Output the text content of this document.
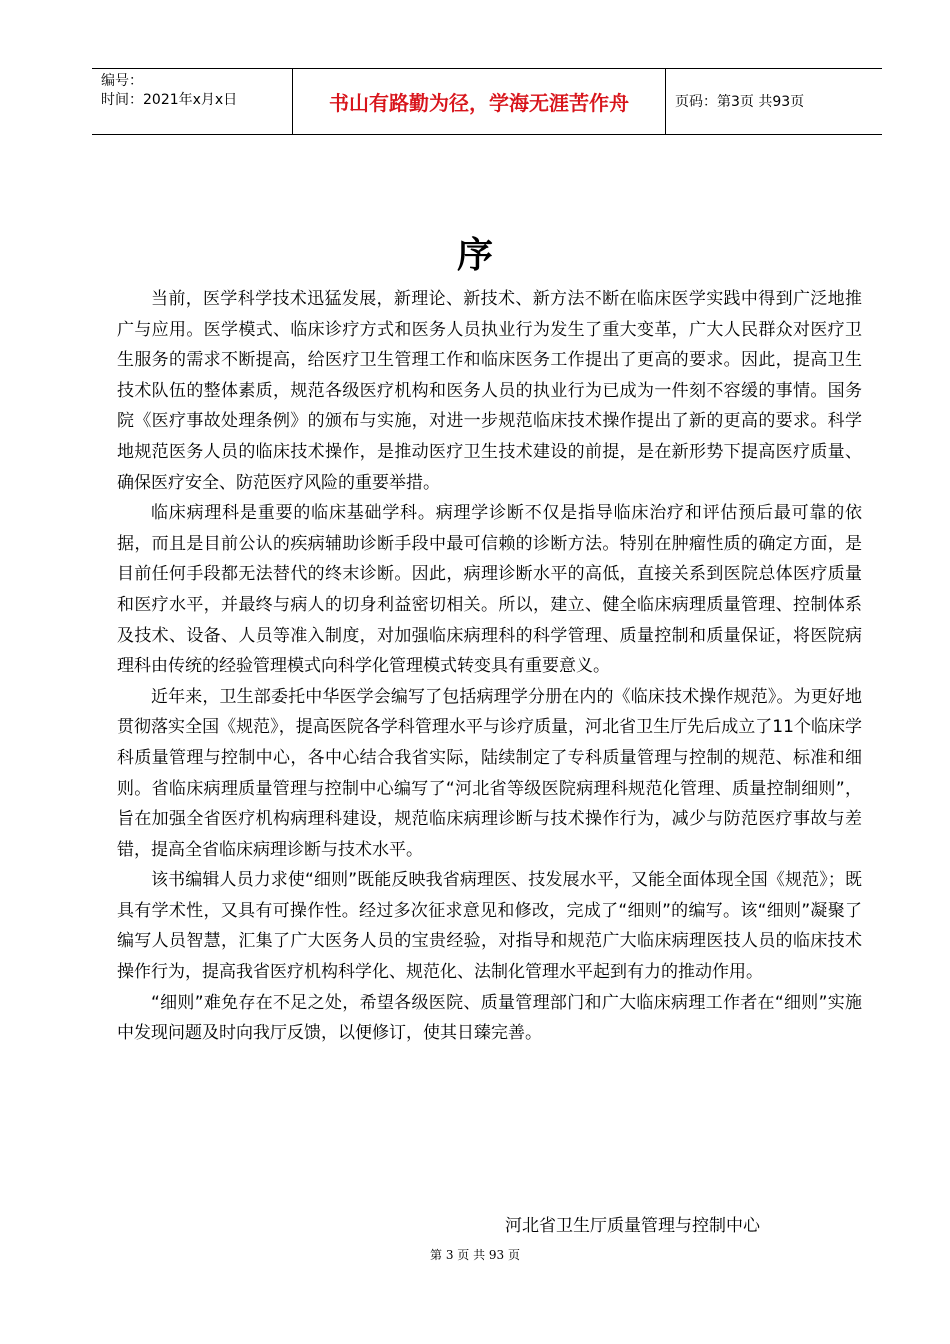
编号：
时间：2021年x月x日	书山有路勤为径，学海无涯苦作舟	页码：第3页 共93页
序

当前，医学科学技术迅猛发展，新理论、新技术、新方法不断在临床医学实践中得到广泛地推广与应用。医学模式、临床诊疗方式和医务人员执业行为发生了重大变革，广大人民群众对医疗卫生服务的需求不断提高，给医疗卫生管理工作和临床医务工作提出了更高的要求。因此，提高卫生技术队伍的整体素质，规范各级医疗机构和医务人员的执业行为已成为一件刻不容缓的事情。国务院《医疗事故处理条例》的颁布与实施，对进一步规范临床技术操作提出了新的更高的要求。科学地规范医务人员的临床技术操作，是推动医疗卫生技术建设的前提，是在新形势下提高医疗质量、确保医疗安全、防范医疗风险的重要举措。

临床病理科是重要的临床基础学科。病理学诊断不仅是指导临床治疗和评估预后最可靠的依据，而且是目前公认的疾病辅助诊断手段中最可信赖的诊断方法。特别在肿瘤性质的确定方面，是目前任何手段都无法替代的终末诊断。因此，病理诊断水平的高低，直接关系到医院总体医疗质量和医疗水平，并最终与病人的切身利益密切相关。所以，建立、健全临床病理质量管理、控制体系及技术、设备、人员等准入制度，对加强临床病理科的科学管理、质量控制和质量保证，将医院病理科由传统的经验管理模式向科学化管理模式转变具有重要意义。

近年来，卫生部委托中华医学会编写了包括病理学分册在内的《临床技术操作规范》。为更好地贯彻落实全国《规范》，提高医院各学科管理水平与诊疗质量，河北省卫生厅先后成立了11个临床学科质量管理与控制中心，各中心结合我省实际，陆续制定了专科质量管理与控制的规范、标准和细则。省临床病理质量管理与控制中心编写了“河北省等级医院病理科规范化管理、质量控制细则”，旨在加强全省医疗机构病理科建设，规范临床病理诊断与技术操作行为，减少与防范医疗事故与差错，提高全省临床病理诊断与技术水平。

该书编辑人员力求使“细则”既能反映我省病理医、技发展水平，又能全面体现全国《规范》；既具有学术性，又具有可操作性。经过多次征求意见和修改，完成了“细则”的编写。该“细则”凝聚了编写人员智慧，汇集了广大医务人员的宝贵经验，对指导和规范广大临床病理医技人员的临床技术操作行为，提高我省医疗机构科学化、规范化、法制化管理水平起到有力的推动作用。

“细则”难免存在不足之处，希望各级医院、质量管理部门和广大临床病理工作者在“细则”实施中发现问题及时向我厅反馈，以便修订，使其日臻完善。

河北省卫生厅质量管理与控制中心
第 3 页 共 93 页
